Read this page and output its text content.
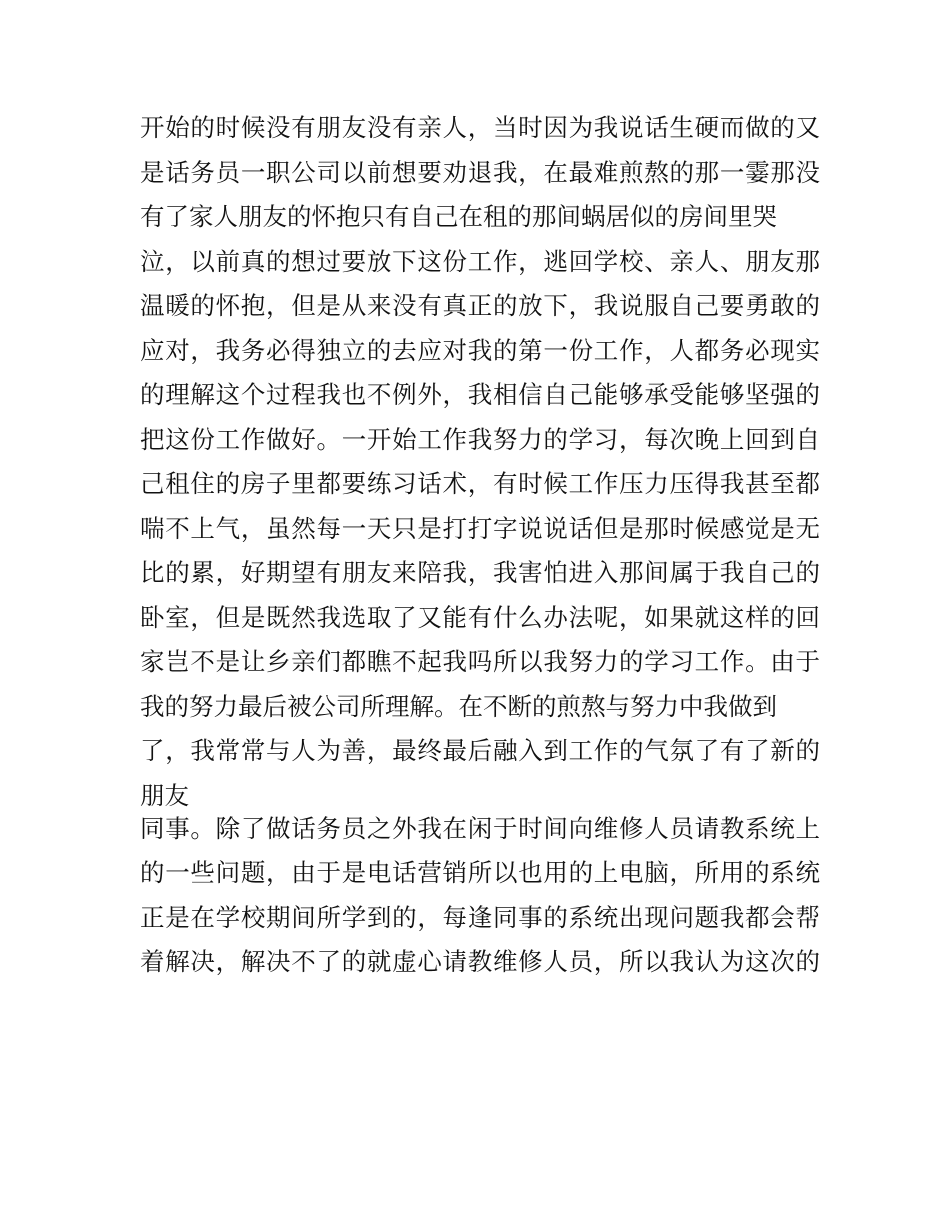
开始的时候没有朋友没有亲人，当时因为我说话生硬而做的又
是话务员一职公司以前想要劝退我，在最难煎熬的那一霎那没
有了家人朋友的怀抱只有自己在租的那间蜗居似的房间里哭
泣，以前真的想过要放下这份工作，逃回学校、亲人、朋友那
温暖的怀抱，但是从来没有真正的放下，我说服自己要勇敢的
应对，我务必得独立的去应对我的第一份工作，人都务必现实
的理解这个过程我也不例外，我相信自己能够承受能够坚强的
把这份工作做好。一开始工作我努力的学习，每次晚上回到自
己租住的房子里都要练习话术，有时候工作压力压得我甚至都
喘不上气，虽然每一天只是打打字说说话但是那时候感觉是无
比的累，好期望有朋友来陪我，我害怕进入那间属于我自己的
卧室，但是既然我选取了又能有什么办法呢，如果就这样的回
家岂不是让乡亲们都瞧不起我吗所以我努力的学习工作。由于
我的努力最后被公司所理解。在不断的煎熬与努力中我做到
了，我常常与人为善，最终最后融入到工作的气氛了有了新的
朋友
同事。除了做话务员之外我在闲于时间向维修人员请教系统上
的一些问题，由于是电话营销所以也用的上电脑，所用的系统
正是在学校期间所学到的，每逢同事的系统出现问题我都会帮
着解决，解决不了的就虚心请教维修人员，所以我认为这次的
